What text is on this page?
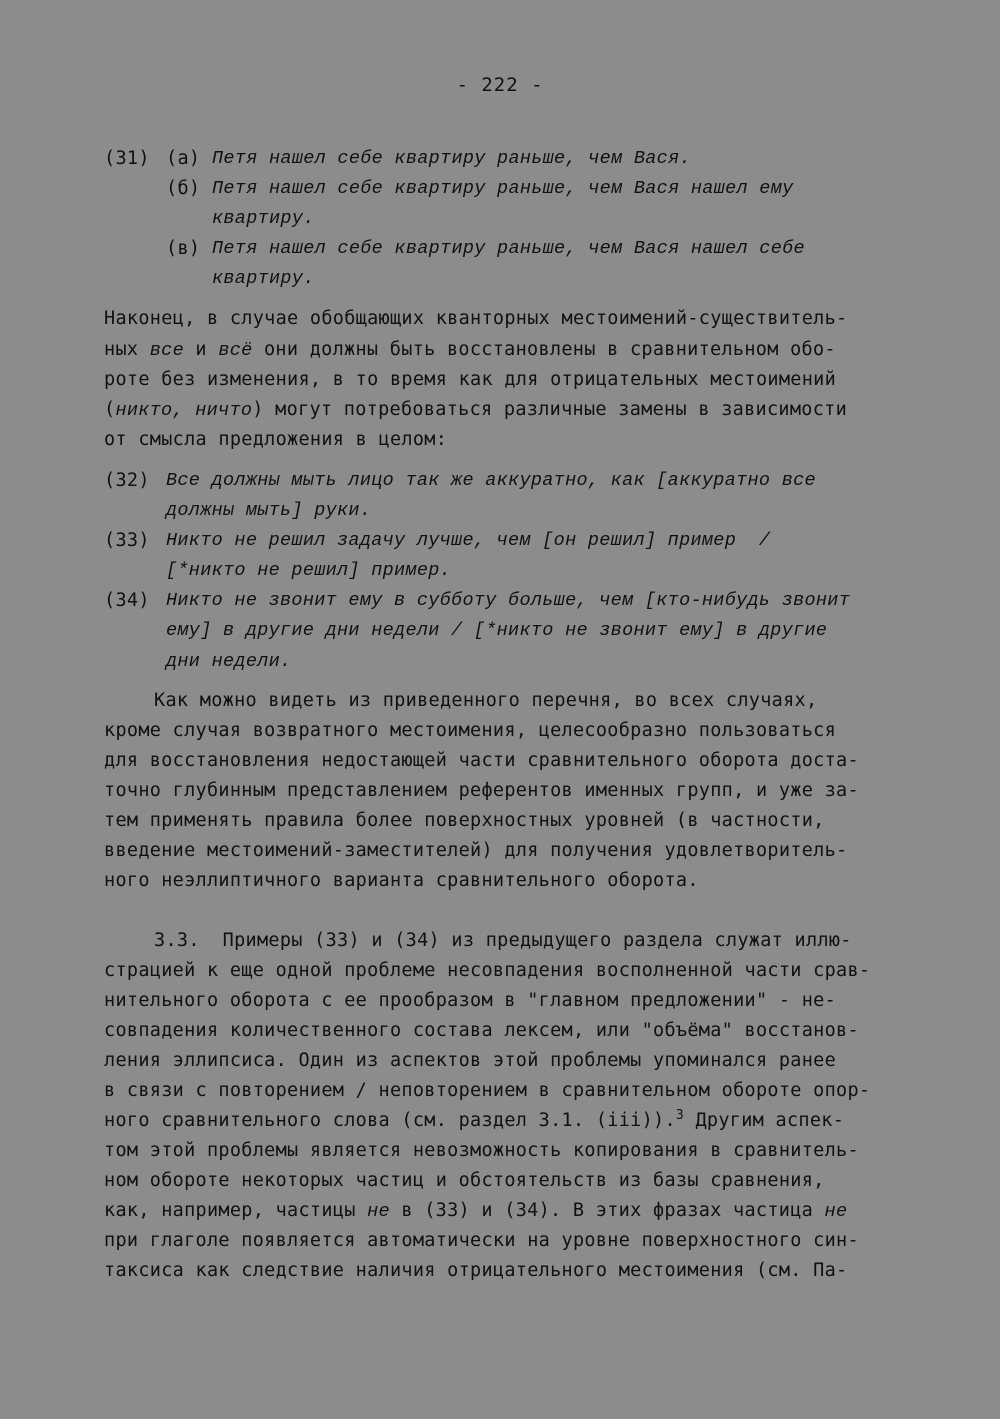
- 222 -
(31) (а) Петя нашел себе квартиру раньше, чем Вася.
(б) Петя нашел себе квартиру раньше, чем Вася нашел ему
квартиру.
(в) Петя нашел себе квартиру раньше, чем Вася нашел себе
квартиру.
Наконец, в случае обобщающих кванторных местоимений-существитель-
ных все и всё они должны быть восстановлены в сравнительном обо-
роте без изменения, в то время как для отрицательных местоимений
(никто, ничто) могут потребоваться различные замены в зависимости
от смысла предложения в целом:
(32) Все должны мыть лицо так же аккуратно, как [аккуратно все
должны мыть] руки.
(33) Никто не решил задачу лучше, чем [он решил] пример  /
[*никто не решил] пример.
(34) Никто не звонит ему в субботу больше, чем [кто-нибудь звонит
ему] в другие дни недели / [*никто не звонит ему] в другие
дни недели.
Как можно видеть из приведенного перечня, во всех случаях,
кроме случая возвратного местоимения, целесообразно пользоваться
для восстановления недостающей части сравнительного оборота доста-
точно глубинным представлением референтов именных групп, и уже за-
тем применять правила более поверхностных уровней (в частности,
введение местоимений-заместителей) для получения удовлетворитель-
ного неэллиптичного варианта сравнительного оборота.
3.3.  Примеры (33) и (34) из предыдущего раздела служат иллю-
страцией к еще одной проблеме несовпадения восполненной части срав-
нительного оборота с ее прообразом в "главном предложении" - не-
совпадения количественного состава лексем, или "объёма" восстанов-
ления эллипсиса. Один из аспектов этой проблемы упоминался ранее
в связи с повторением / неповторением в сравнительном обороте опор-
ного сравнительного слова (см. раздел 3.1. (iii)).$^3$ Другим аспек-
том этой проблемы является невозможность копирования в сравнитель-
ном обороте некоторых частиц и обстоятельств из базы сравнения,
как, например, частицы не в (33) и (34). В этих фразах частица не
при глаголе появляется автоматически на уровне поверхностного син-
таксиса как следствие наличия отрицательного местоимения (см. Па-
